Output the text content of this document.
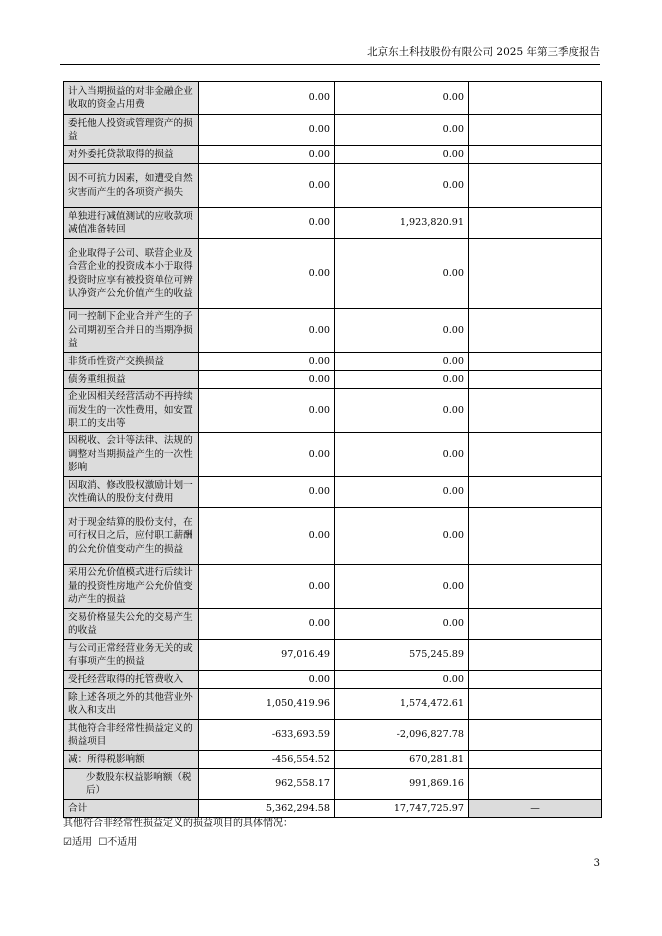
北京东土科技股份有限公司 2025 年第三季度报告
计入当期损益的对非金融企业收取的资金占用费	0.00	0.00	
委托他人投资或管理资产的损益	0.00	0.00	
对外委托贷款取得的损益	0.00	0.00	
因不可抗力因素，如遭受自然灾害而产生的各项资产损失	0.00	0.00	
单独进行减值测试的应收款项减值准备转回	0.00	1,923,820.91	
企业取得子公司、联营企业及合营企业的投资成本小于取得投资时应享有被投资单位可辨认净资产公允价值产生的收益	0.00	0.00	
同一控制下企业合并产生的子公司期初至合并日的当期净损益	0.00	0.00	
非货币性资产交换损益	0.00	0.00	
债务重组损益	0.00	0.00	
企业因相关经营活动不再持续而发生的一次性费用，如安置职工的支出等	0.00	0.00	
因税收、会计等法律、法规的调整对当期损益产生的一次性影响	0.00	0.00	
因取消、修改股权激励计划一次性确认的股份支付费用	0.00	0.00	
对于现金结算的股份支付，在可行权日之后，应付职工薪酬的公允价值变动产生的损益	0.00	0.00	
采用公允价值模式进行后续计量的投资性房地产公允价值变动产生的损益	0.00	0.00	
交易价格显失公允的交易产生的收益	0.00	0.00	
与公司正常经营业务无关的或有事项产生的损益	97,016.49	575,245.89	
受托经营取得的托管费收入	0.00	0.00	
除上述各项之外的其他营业外收入和支出	1,050,419.96	1,574,472.61	
其他符合非经常性损益定义的损益项目	-633,693.59	-2,096,827.78	
减：所得税影响额	-456,554.52	670,281.81	
少数股东权益影响额（税后）	962,558.17	991,869.16	
合计	5,362,294.58	17,747,725.97	—
其他符合非经常性损益定义的损益项目的具体情况：
☑适用 ☐不适用
3
